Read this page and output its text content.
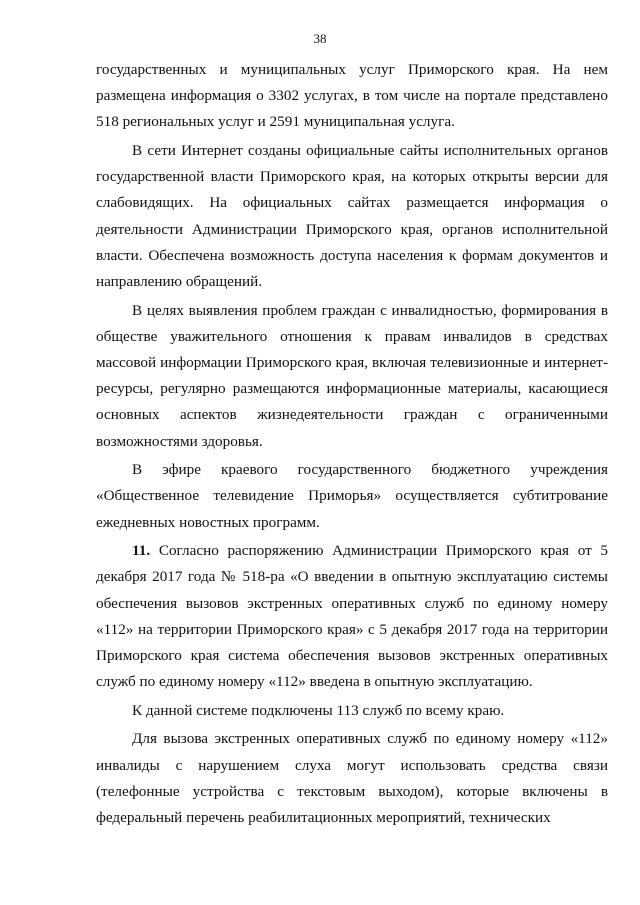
38

государственных и муниципальных услуг Приморского края. На нем размещена информация о 3302 услугах, в том числе на портале представлено 518 региональных услуг и 2591 муниципальная услуга.

В сети Интернет созданы официальные сайты исполнительных органов государственной власти Приморского края, на которых открыты версии для слабовидящих. На официальных сайтах размещается информация о деятельности Администрации Приморского края, органов исполнительной власти. Обеспечена возможность доступа населения к формам документов и направлению обращений.

В целях выявления проблем граждан с инвалидностью, формирования в обществе уважительного отношения к правам инвалидов в средствах массовой информации Приморского края, включая телевизионные и интернет-ресурсы, регулярно размещаются информационные материалы, касающиеся основных аспектов жизнедеятельности граждан с ограниченными возможностями здоровья.

В эфире краевого государственного бюджетного учреждения «Общественное телевидение Приморья» осуществляется субтитрование ежедневных новостных программ.

11. Согласно распоряжению Администрации Приморского края от 5 декабря 2017 года № 518-ра «О введении в опытную эксплуатацию системы обеспечения вызовов экстренных оперативных служб по единому номеру «112» на территории Приморского края» с 5 декабря 2017 года на территории Приморского края система обеспечения вызовов экстренных оперативных служб по единому номеру «112» введена в опытную эксплуатацию.

К данной системе подключены 113 служб по всему краю.

Для вызова экстренных оперативных служб по единому номеру «112» инвалиды с нарушением слуха могут использовать средства связи (телефонные устройства с текстовым выходом), которые включены в федеральный перечень реабилитационных мероприятий, технических
